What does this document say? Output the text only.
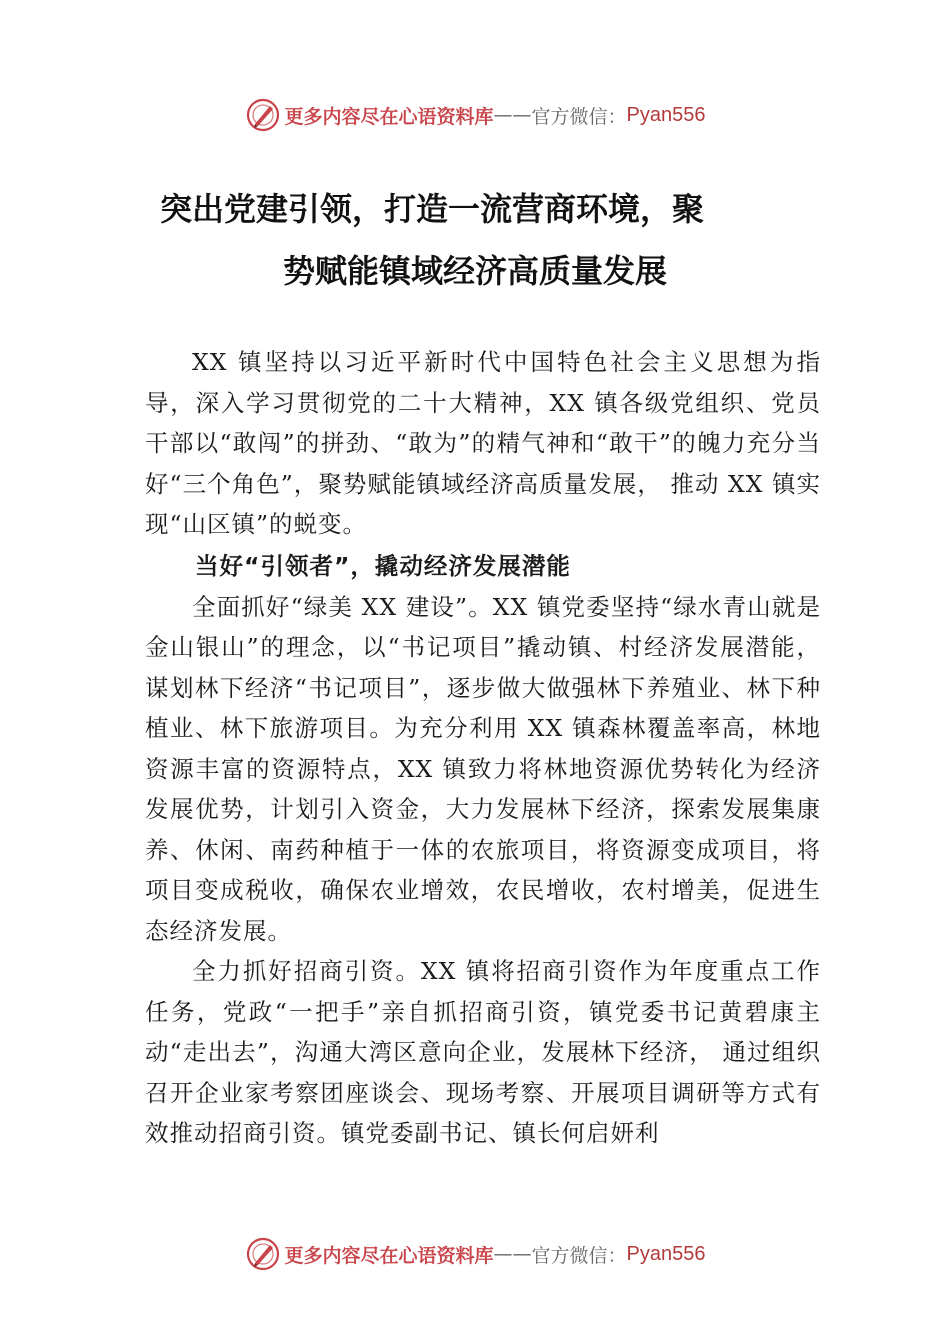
更多内容尽在心语资料库 —— 官方微信： Pyan556
突出党建引领，打造一流营商环境，聚
势赋能镇域经济高质量发展

XX 镇坚持以习近平新时代中国特色社会主义思想为指导，深入学习贯彻党的二十大精神，XX 镇各级党组织、党员干部以“敢闯”的拼劲、“敢为”的精气神和“敢干”的魄力充分当好“三个角色”，聚势赋能镇域经济高质量发展， 推动 XX 镇实现“山区镇”的蜕变。

当好“引领者”，撬动经济发展潜能

全面抓好“绿美 XX 建设”。XX 镇党委坚持“绿水青山就是金山银山”的理念，以“书记项目”撬动镇、村经济发展潜能，谋划林下经济“书记项目”，逐步做大做强林下养殖业、林下种植业、林下旅游项目。为充分利用 XX 镇森林覆盖率高，林地资源丰富的资源特点，XX 镇致力将林地资源优势转化为经济发展优势，计划引入资金，大力发展林下经济，探索发展集康养、休闲、南药种植于一体的农旅项目，将资源变成项目，将项目变成税收，确保农业增效，农民增收，农村增美，促进生态经济发展。

全力抓好招商引资。XX 镇将招商引资作为年度重点工作任务，党政“一把手”亲自抓招商引资，镇党委书记黄碧康主动“走出去”，沟通大湾区意向企业，发展林下经济， 通过组织召开企业家考察团座谈会、现场考察、开展项目调研等方式有效推动招商引资。镇党委副书记、镇长何启妍利

更多内容尽在心语资料库 —— 官方微信： Pyan556
